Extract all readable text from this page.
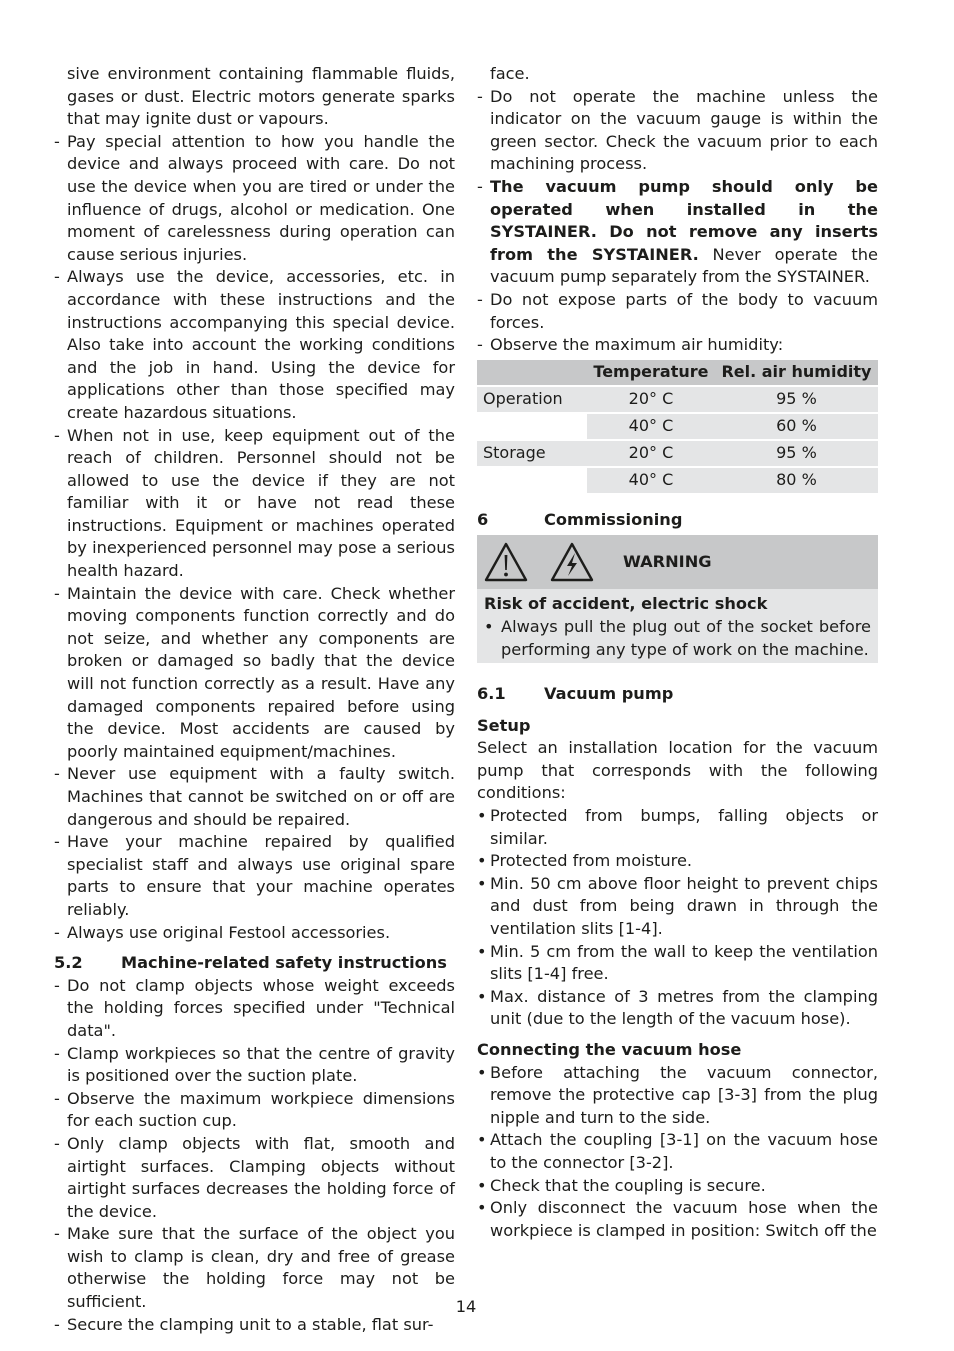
sive environment containing flammable fluids, gases or dust. Electric motors generate sparks that may ignite dust or vapours.

- Pay special attention to how you handle the device and always proceed with care. Do not use the device when you are tired or under the influence of drugs, alcohol or medication. One moment of carelessness during operation can cause serious injuries.
- Always use the device, accessories, etc. in accordance with these instructions and the instructions accompanying this special device. Also take into account the working conditions and the job in hand. Using the device for applications other than those specified may create hazardous situations.
- When not in use, keep equipment out of the reach of children. Personnel should not be allowed to use the device if they are not familiar with it or have not read these instructions. Equipment or machines operated by inexperienced personnel may pose a serious health hazard.
- Maintain the device with care. Check whether moving components function correctly and do not seize, and whether any components are broken or damaged so badly that the device will not function correctly as a result. Have any damaged components repaired before using the device. Most accidents are caused by poorly maintained equipment/machines.
- Never use equipment with a faulty switch. Machines that cannot be switched on or off are dangerous and should be repaired.
- Have your machine repaired by qualified specialist staff and always use original spare parts to ensure that your machine operates reliably.
- Always use original Festool accessories.
5.2	Machine-related safety instructions
- Do not clamp objects whose weight exceeds the holding forces specified under "Technical data".
- Clamp workpieces so that the centre of gravity is positioned over the suction plate.
- Observe the maximum workpiece dimensions for each suction cup.
- Only clamp objects with flat, smooth and airtight surfaces. Clamping objects without airtight surfaces decreases the holding force of the device.
- Make sure that the surface of the object you wish to clamp is clean, dry and free of grease otherwise the holding force may not be sufficient.
- Secure the clamping unit to a stable, flat sur-

face.

- Do not operate the machine unless the indicator on the vacuum gauge is within the green sector. Check the vacuum prior to each machining process.
- The vacuum pump should only be operated when installed in the SYSTAINER. Do not remove any inserts from the SYSTAINER. Never operate the vacuum pump separately from the SYSTAINER.
- Do not expose parts of the body to vacuum forces.
- Observe the maximum air humidity:
	Temperature	Rel. air humidity
Operation	20° C	95 %
	40° C	60 %
Storage	20° C	95 %
	40° C	80 %
6	Commissioning
WARNING
Risk of accident, electric shock
• Always pull the plug out of the socket before performing any type of work on the machine.
6.1	Vacuum pump
Setup

Select an installation location for the vacuum pump that corresponds with the following conditions:

• Protected from bumps, falling objects or similar.
• Protected from moisture.
• Min. 50 cm above floor height to prevent chips and dust from being drawn in through the ventilation slits [1-4].
• Min. 5 cm from the wall to keep the ventilation slits [1-4] free.
• Max. distance of 3 metres from the clamping unit (due to the length of the vacuum hose).
Connecting the vacuum hose
• Before attaching the vacuum connector, remove the protective cap [3-3] from the plug nipple and turn to the side.
• Attach the coupling [3-1] on the vacuum hose to the connector [3-2].
• Check that the coupling is secure.
• Only disconnect the vacuum hose when the workpiece is clamped in position: Switch off the
14
